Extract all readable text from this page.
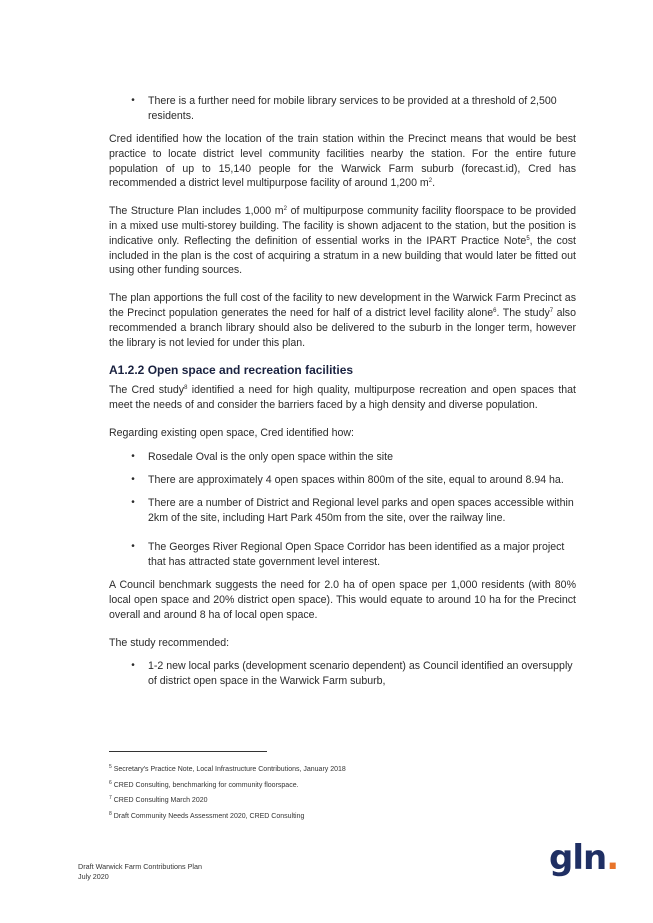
• There is a further need for mobile library services to be provided at a threshold of 2,500 residents.

Cred identified how the location of the train station within the Precinct means that would be best practice to locate district level community facilities nearby the station. For the entire future population of up to 15,140 people for the Warwick Farm suburb (forecast.id), Cred has recommended a district level multipurpose facility of around 1,200 $m^2$.

The Structure Plan includes 1,000 $m^2$ of multipurpose community facility floorspace to be provided in a mixed use multi-storey building. The facility is shown adjacent to the station, but the position is indicative only. Reflecting the definition of essential works in the IPART Practice Note$^5$, the cost included in the plan is the cost of acquiring a stratum in a new building that would later be fitted out using other funding sources.

The plan apportions the full cost of the facility to new development in the Warwick Farm Precinct as the Precinct population generates the need for half of a district level facility alone$^6$. The study$^7$ also recommended a branch library should also be delivered to the suburb in the longer term, however the library is not levied for under this plan.

A1.2.2 Open space and recreation facilities

The Cred study$^8$ identified a need for high quality, multipurpose recreation and open spaces that meet the needs of and consider the barriers faced by a high density and diverse population.

Regarding existing open space, Cred identified how:

• Rosedale Oval is the only open space within the site
• There are approximately 4 open spaces within 800m of the site, equal to around 8.94 ha.
• There are a number of District and Regional level parks and open spaces accessible within 2km of the site, including Hart Park 450m from the site, over the railway line.
• The Georges River Regional Open Space Corridor has been identified as a major project that has attracted state government level interest.

A Council benchmark suggests the need for 2.0 ha of open space per 1,000 residents (with 80% local open space and 20% district open space). This would equate to around 10 ha for the Precinct overall and around 8 ha of local open space.

The study recommended:

• 1-2 new local parks (development scenario dependent) as Council identified an oversupply of district open space in the Warwick Farm suburb,
$^5$ Secretary's Practice Note, Local Infrastructure Contributions, January 2018
$^6$ CRED Consulting, benchmarking for community floorspace.
$^7$ CRED Consulting March 2020
$^8$ Draft Community Needs Assessment 2020, CRED Consulting
Draft Warwick Farm Contributions Plan
July 2020	gln.
